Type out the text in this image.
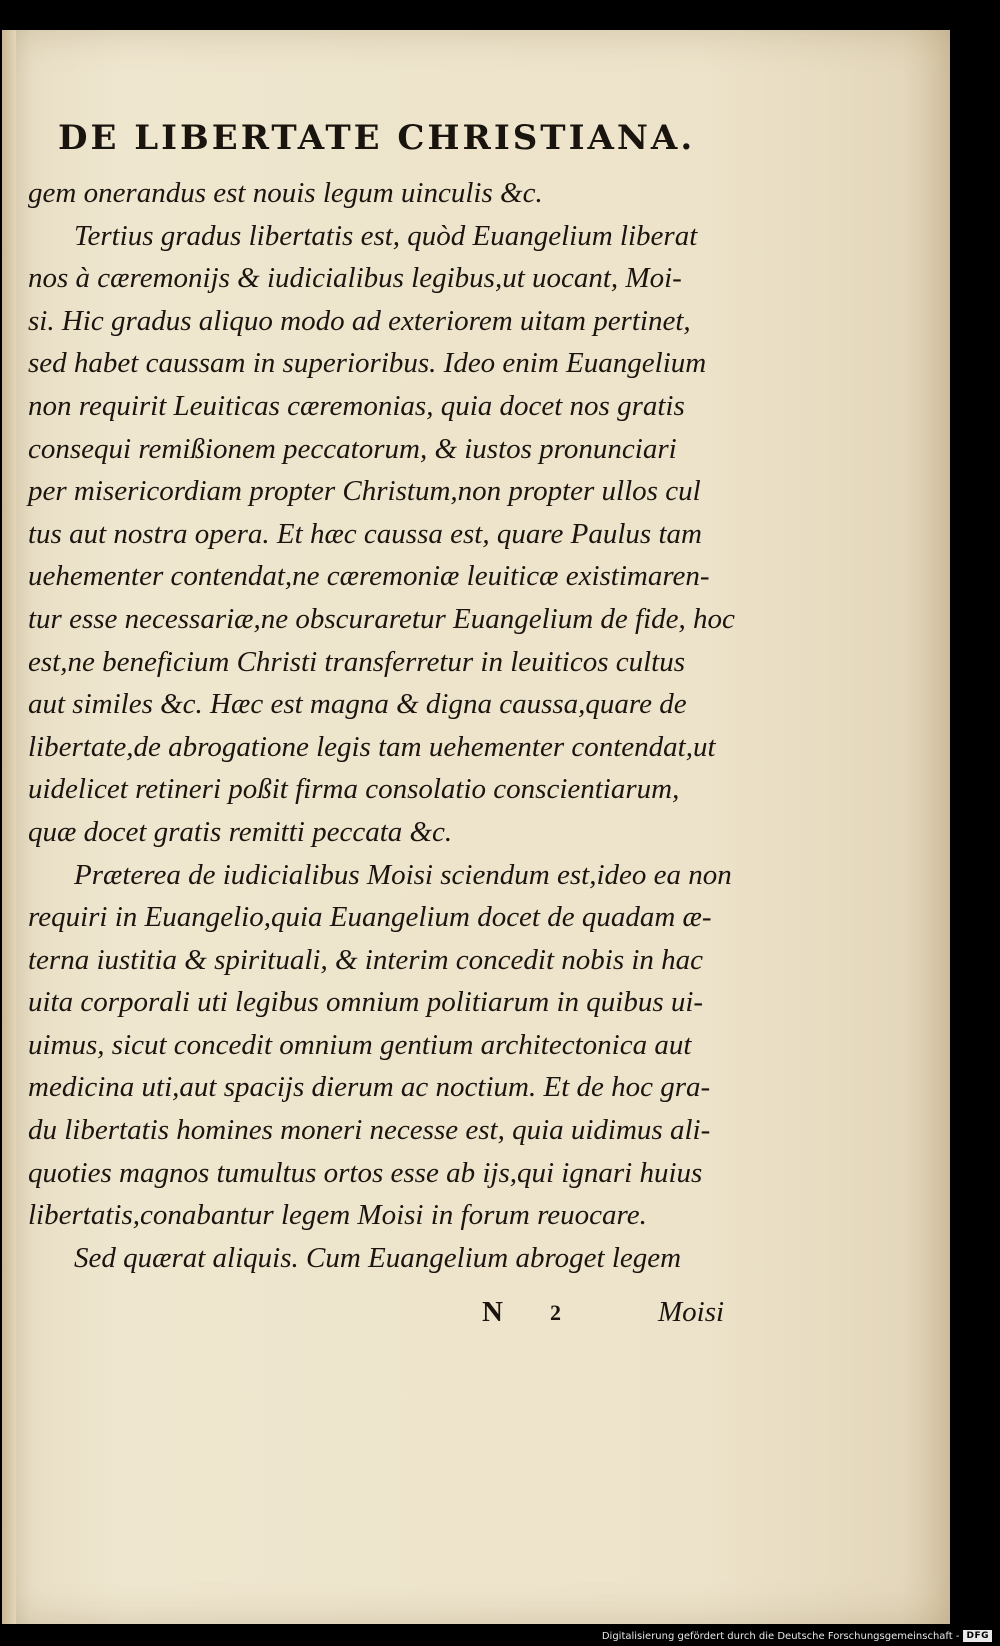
DE LIBERTATE CHRISTIANA.
gem onerandus est nouis legum uinculis &c.
Tertius gradus libertatis est, quòd Euangelium liberat
nos à cæremonijs & iudicialibus legibus,ut uocant, Moi-
si. Hic gradus aliquo modo ad exteriorem uitam pertinet,
sed habet caussam in superioribus. Ideo enim Euangelium
non requirit Leuiticas cæremonias, quia docet nos gratis
consequi remißionem peccatorum, & iustos pronunciari
per misericordiam propter Christum,non propter ullos cul
tus aut nostra opera. Et hæc caussa est, quare Paulus tam
uehementer contendat,ne cæremoniæ leuiticæ existimaren-
tur esse necessariæ,ne obscuraretur Euangelium de fide, hoc
est,ne beneficium Christi transferretur in leuiticos cultus
aut similes &c. Hæc est magna & digna caussa,quare de
libertate,de abrogatione legis tam uehementer contendat,ut
uidelicet retineri poßit firma consolatio conscientiarum,
quæ docet gratis remitti peccata &c.
Præterea de iudicialibus Moisi sciendum est,ideo ea non
requiri in Euangelio,quia Euangelium docet de quadam æ-
terna iustitia & spirituali, & interim concedit nobis in hac
uita corporali uti legibus omnium politiarum in quibus ui-
uimus, sicut concedit omnium gentium architectonica aut
medicina uti,aut spacijs dierum ac noctium. Et de hoc gra-
du libertatis homines moneri necesse est, quia uidimus ali-
quoties magnos tumultus ortos esse ab ijs,qui ignari huius
libertatis,conabantur legem Moisi in forum reuocare.
Sed quærat aliquis. Cum Euangelium abroget legem
N 2	Moisi
Digitalisierung gefördert durch die Deutsche Forschungsgemeinschaft - DFG
